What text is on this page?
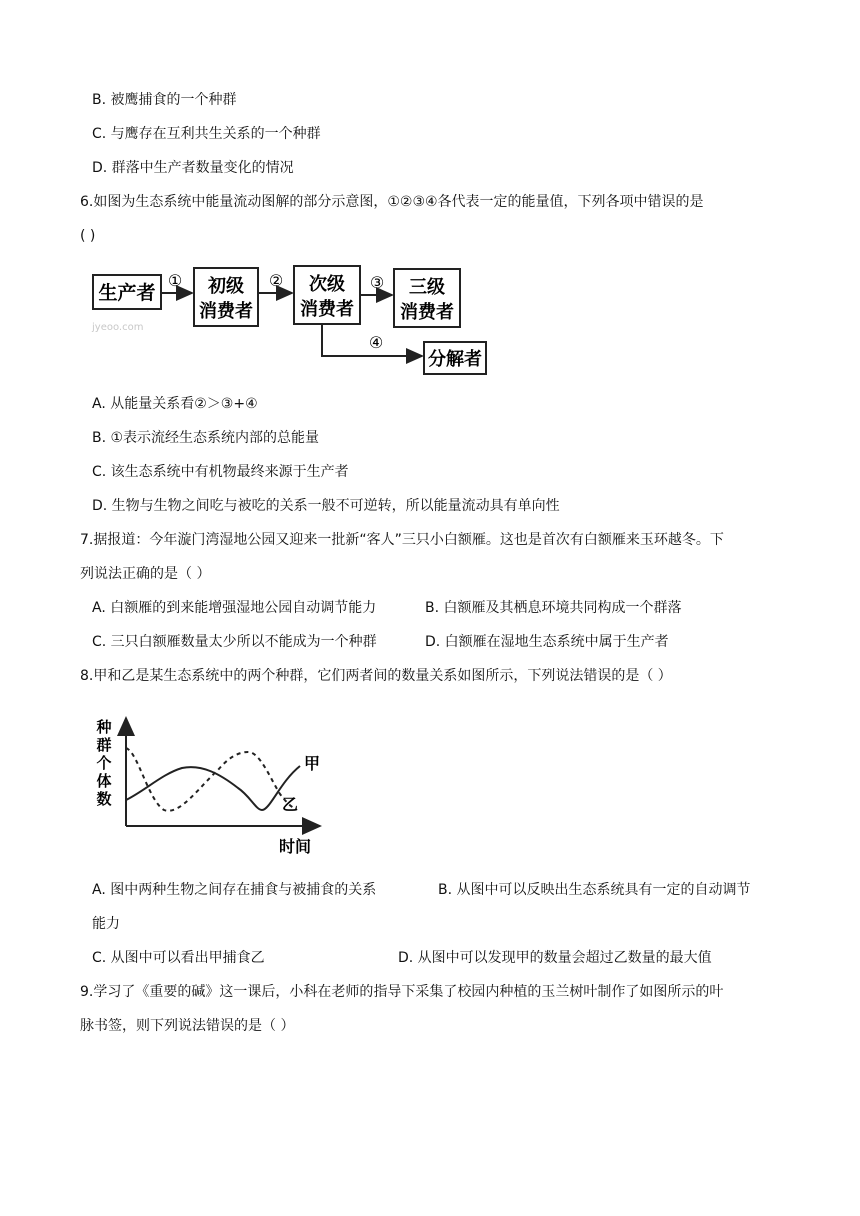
B. 被鹰捕食的一个种群
C. 与鹰存在互利共生关系的一个种群
D. 群落中生产者数量变化的情况
6.如图为生态系统中能量流动图解的部分示意图，①②③④各代表一定的能量值，下列各项中错误的是
( )
生产者	初级
消费者
次级
消费者
三级
消费者
分解者
①	②	③
④
jyeoo.com
A. 从能量关系看②＞③+④
B. ①表示流经生态系统内部的总能量
C. 该生态系统中有机物最终来源于生产者
D. 生物与生物之间吃与被吃的关系一般不可逆转，所以能量流动具有单向性
7.据报道：今年漩门湾湿地公园又迎来一批新“客人”三只小白额雁。这也是首次有白额雁来玉环越冬。下
列说法正确的是（ ）
A. 白额雁的到来能增强湿地公园自动调节能力	B. 白额雁及其栖息环境共同构成一个群落
C. 三只白额雁数量太少所以不能成为一个种群	D. 白额雁在湿地生态系统中属于生产者
8.甲和乙是某生态系统中的两个种群，它们两者间的数量关系如图所示，下列说法错误的是（ ）
种
群
个
体
数
时间
甲
乙
A. 图中两种生物之间存在捕食与被捕食的关系	B. 从图中可以反映出生态系统具有一定的自动调节
能力
C. 从图中可以看出甲捕食乙	D. 从图中可以发现甲的数量会超过乙数量的最大值
9.学习了《重要的碱》这一课后，小科在老师的指导下采集了校园内种植的玉兰树叶制作了如图所示的叶
脉书签，则下列说法错误的是（ ）
